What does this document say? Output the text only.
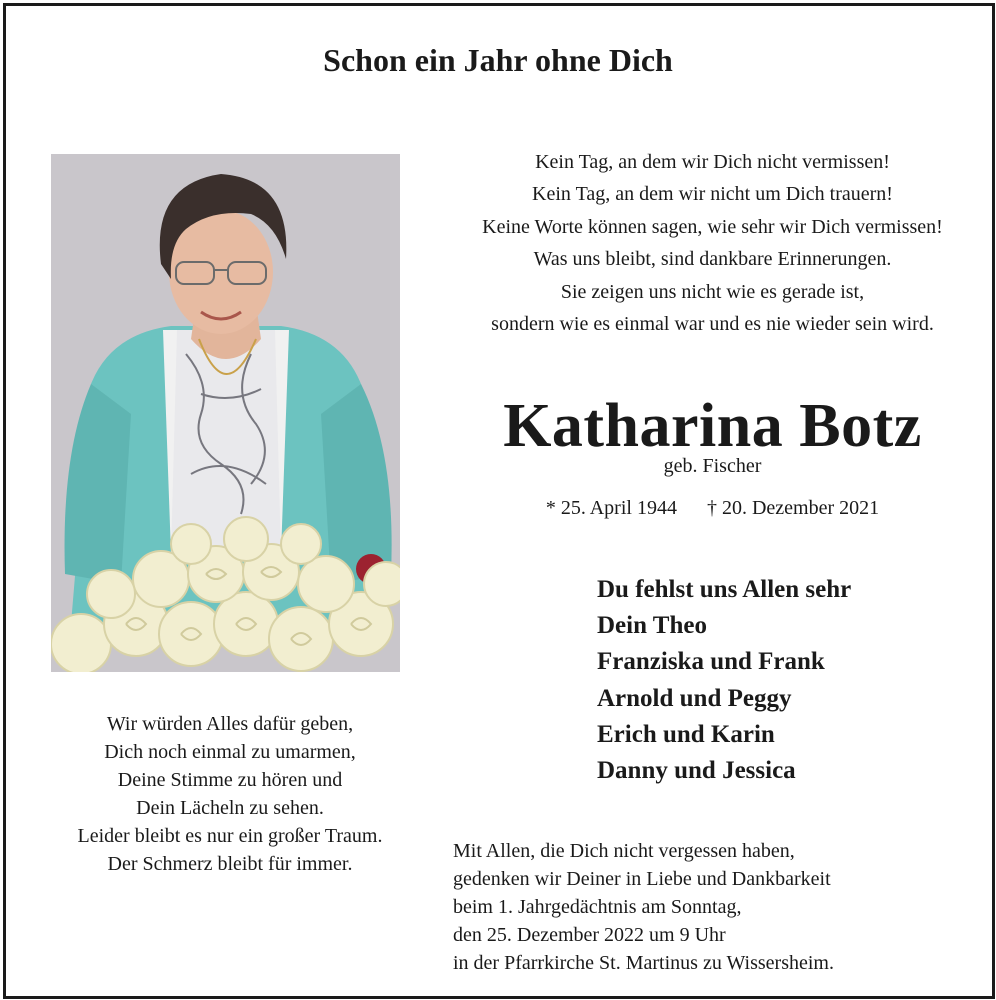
Schon ein Jahr ohne Dich
Kein Tag, an dem wir Dich nicht vermissen!
Kein Tag, an dem wir nicht um Dich trauern!
Keine Worte können sagen, wie sehr wir Dich vermissen!
Was uns bleibt, sind dankbare Erinnerungen.
Sie zeigen uns nicht wie es gerade ist,
sondern wie es einmal war und es nie wieder sein wird.
Katharina Botz
geb. Fischer
* 25. April 1944 † 20. Dezember 2021
Du fehlst uns Allen sehr
Dein Theo
Franziska und Frank
Arnold und Peggy
Erich und Karin
Danny und Jessica
Wir würden Alles dafür geben,
Dich noch einmal zu umarmen,
Deine Stimme zu hören und
Dein Lächeln zu sehen.
Leider bleibt es nur ein großer Traum.
Der Schmerz bleibt für immer.
Mit Allen, die Dich nicht vergessen haben,
gedenken wir Deiner in Liebe und Dankbarkeit
beim 1. Jahrgedächtnis am Sonntag,
den 25. Dezember 2022 um 9 Uhr
in der Pfarrkirche St. Martinus zu Wissersheim.
